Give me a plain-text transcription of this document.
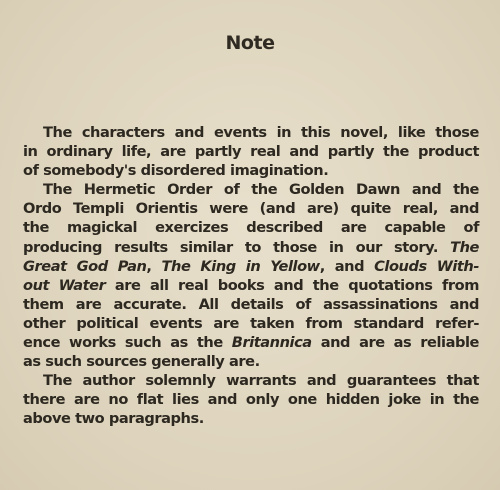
Note
The characters and events in this novel, like those
in ordinary life, are partly real and partly the product
of somebody's disordered imagination.
The Hermetic Order of the Golden Dawn and the
Ordo Templi Orientis were (and are) quite real, and
the magickal exercizes described are capable of
producing results similar to those in our story. The
Great God Pan, The King in Yellow, and Clouds With-
out Water are all real books and the quotations from
them are accurate. All details of assassinations and
other political events are taken from standard refer-
ence works such as the Britannica and are as reliable
as such sources generally are.
The author solemnly warrants and guarantees that
there are no flat lies and only one hidden joke in the
above two paragraphs.
